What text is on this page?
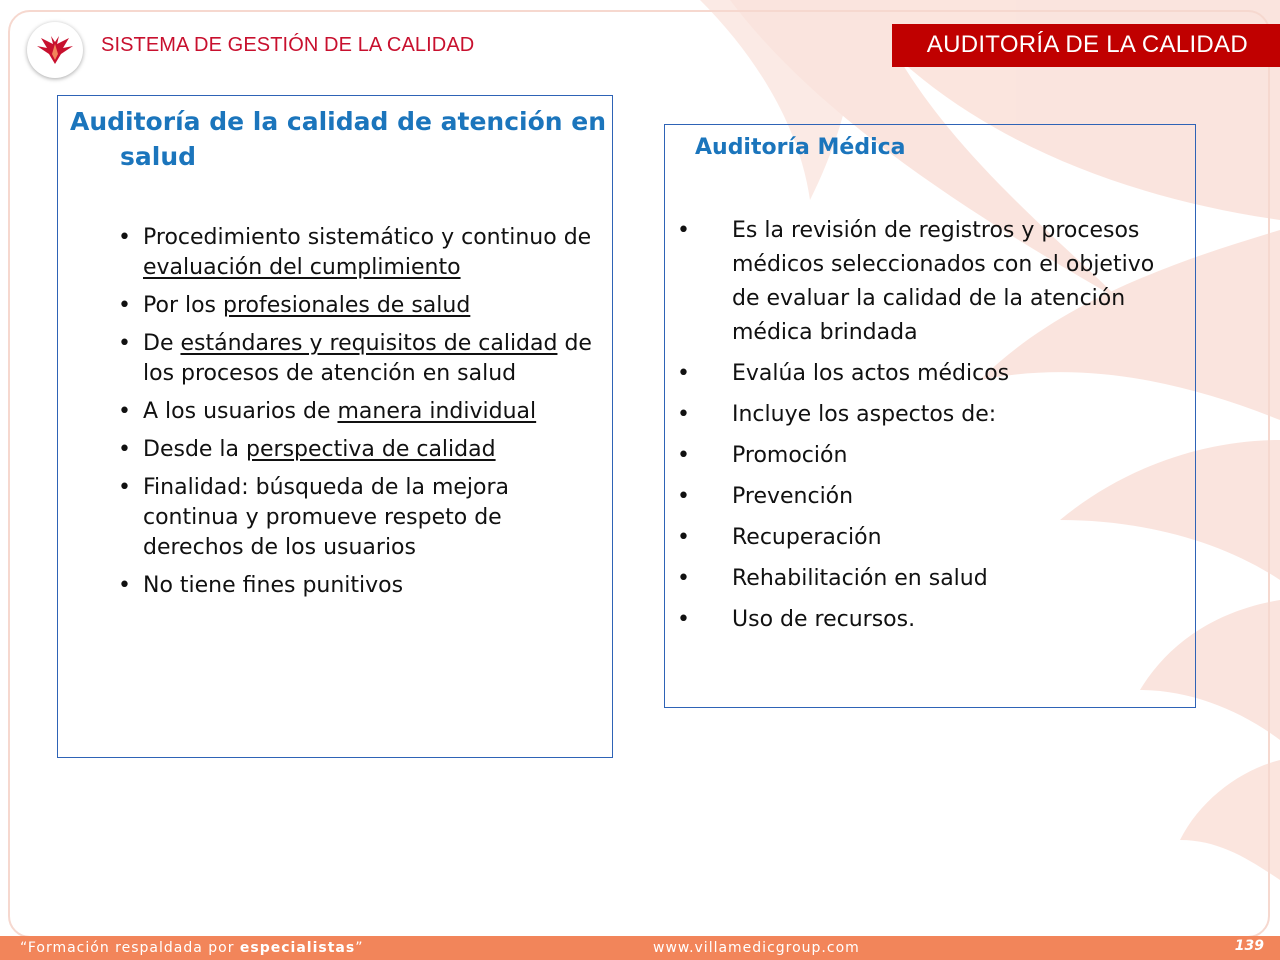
SISTEMA DE GESTIÓN DE LA CALIDAD	AUDITORÍA DE LA CALIDAD
Auditoría de la calidad de atención en
salud
• Procedimiento sistemático y continuo de evaluación del cumplimiento
• Por los profesionales de salud
• De estándares y requisitos de calidad de los procesos de atención en salud
• A los usuarios de manera individual
• Desde la perspectiva de calidad
• Finalidad: búsqueda de la mejora continua y promueve respeto de derechos de los usuarios
• No tiene fines punitivos
Auditoría Médica
• Es la revisión de registros y procesos médicos seleccionados con el objetivo de evaluar la calidad de la atención médica brindada
• Evalúa los actos médicos
• Incluye los aspectos de:
• Promoción
• Prevención
• Recuperación
• Rehabilitación en salud
• Uso de recursos.
“Formación respaldada por especialistas”	www.villamedicgroup.com	139
